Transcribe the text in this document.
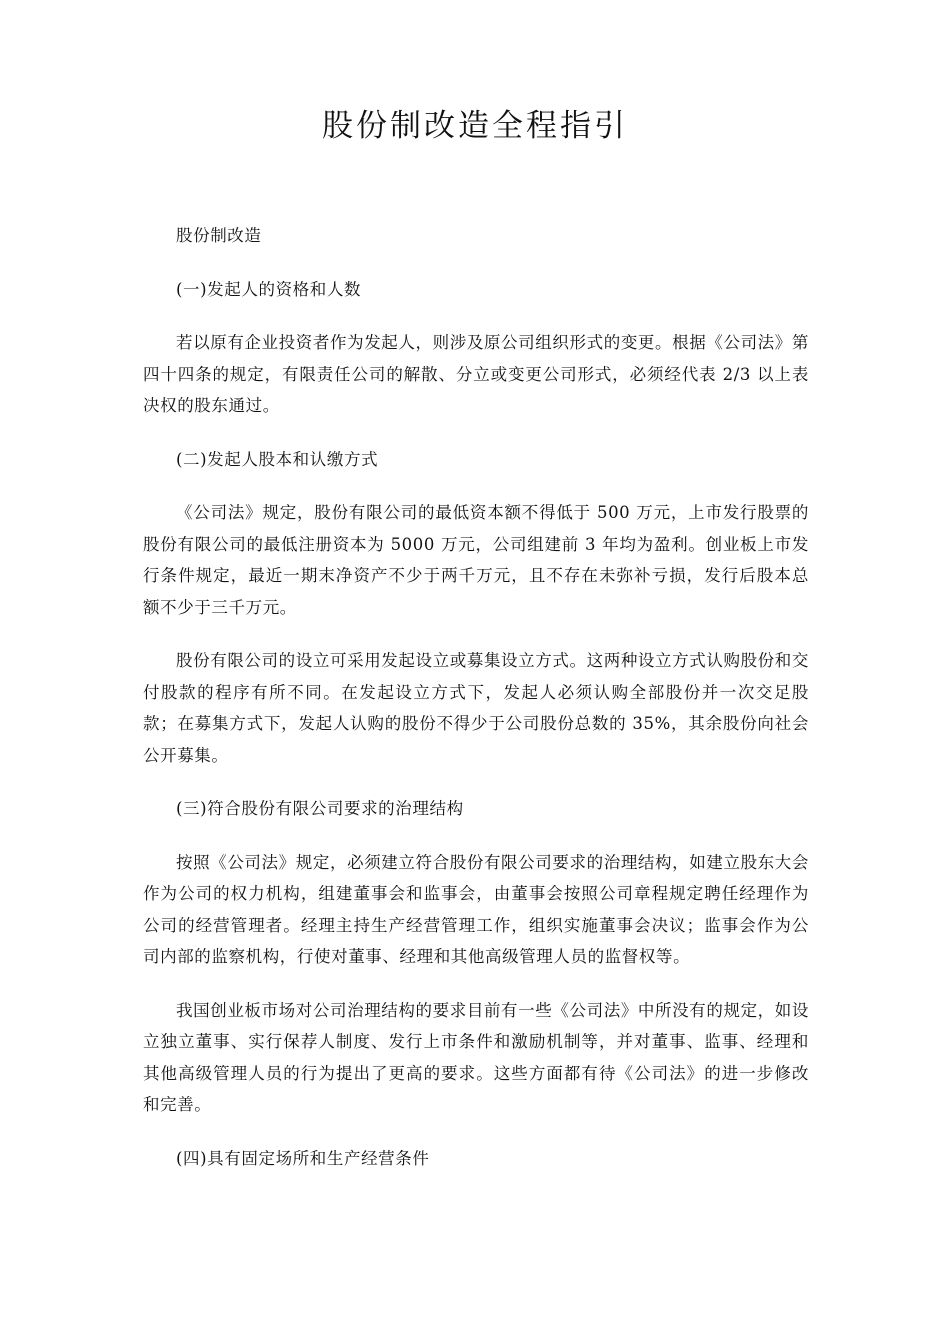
股份制改造全程指引

股份制改造

(一)发起人的资格和人数

若以原有企业投资者作为发起人，则涉及原公司组织形式的变更。根据《公司法》第四十四条的规定，有限责任公司的解散、分立或变更公司形式，必须经代表 2/3 以上表决权的股东通过。

(二)发起人股本和认缴方式

《公司法》规定，股份有限公司的最低资本额不得低于 500 万元，上市发行股票的股份有限公司的最低注册资本为 5000 万元，公司组建前 3 年均为盈利。创业板上市发行条件规定，最近一期末净资产不少于两千万元，且不存在未弥补亏损，发行后股本总额不少于三千万元。

股份有限公司的设立可采用发起设立或募集设立方式。这两种设立方式认购股份和交付股款的程序有所不同。在发起设立方式下，发起人必须认购全部股份并一次交足股款；在募集方式下，发起人认购的股份不得少于公司股份总数的 35%，其余股份向社会公开募集。

(三)符合股份有限公司要求的治理结构

按照《公司法》规定，必须建立符合股份有限公司要求的治理结构，如建立股东大会作为公司的权力机构，组建董事会和监事会，由董事会按照公司章程规定聘任经理作为公司的经营管理者。经理主持生产经营管理工作，组织实施董事会决议；监事会作为公司内部的监察机构，行使对董事、经理和其他高级管理人员的监督权等。

我国创业板市场对公司治理结构的要求目前有一些《公司法》中所没有的规定，如设立独立董事、实行保荐人制度、发行上市条件和激励机制等，并对董事、监事、经理和其他高级管理人员的行为提出了更高的要求。这些方面都有待《公司法》的进一步修改和完善。

(四)具有固定场所和生产经营条件
